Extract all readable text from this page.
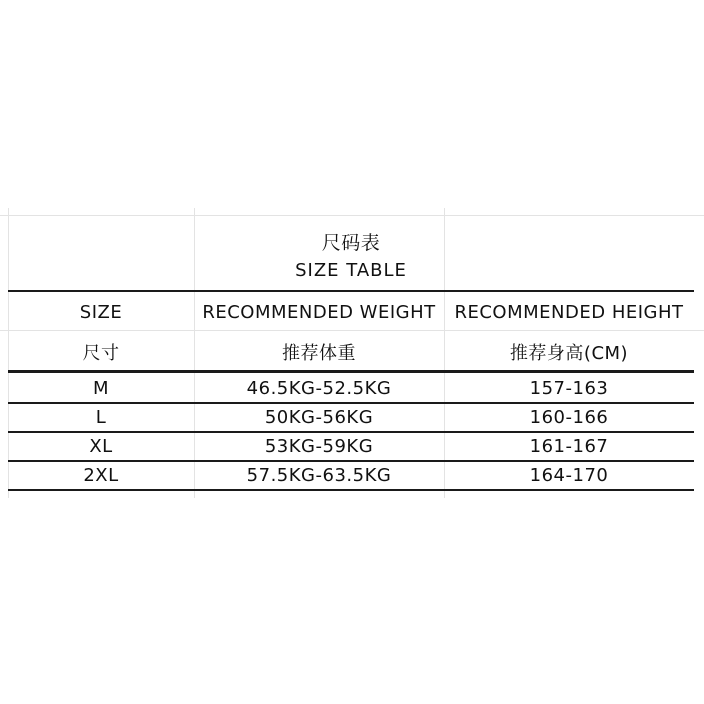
尺码表
SIZE TABLE
SIZE	RECOMMENDED WEIGHT	RECOMMENDED HEIGHT
尺寸	推荐体重	推荐身高(CM)
M	46.5KG-52.5KG	157-163
L	50KG-56KG	160-166
XL	53KG-59KG	161-167
2XL	57.5KG-63.5KG	164-170
